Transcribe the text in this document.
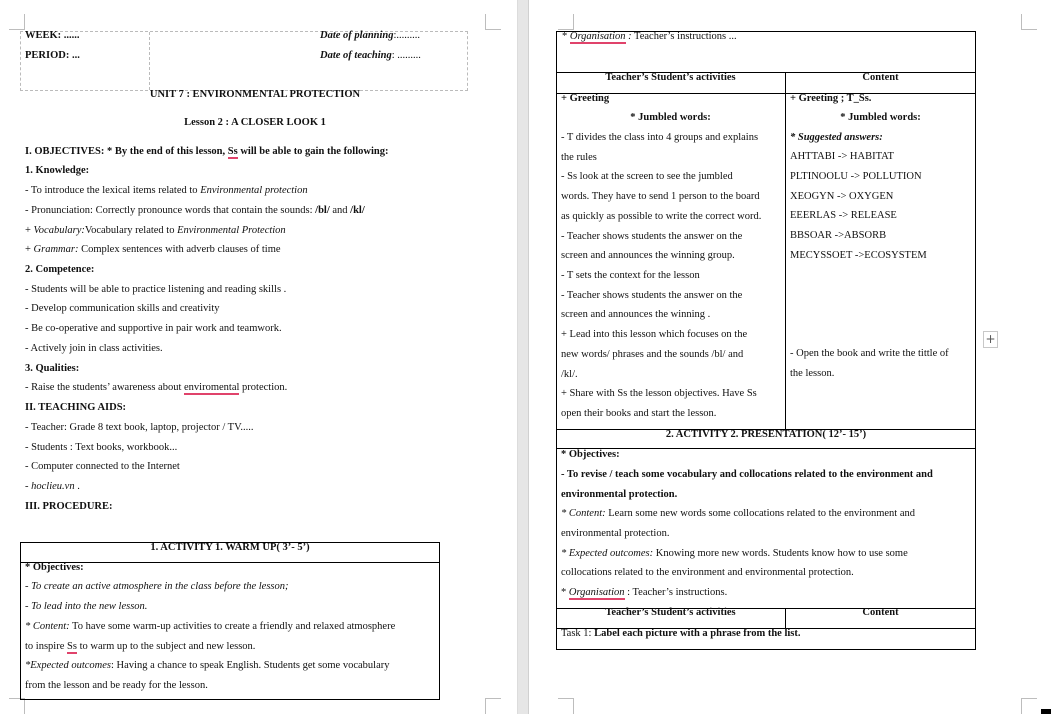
WEEK: ......
PERIOD: ...
Date of planning:.........
Date of teaching: .........
UNIT 7 : ENVIRONMENTAL PROTECTION
Lesson 2 : A CLOSER LOOK 1
I. OBJECTIVES: * By the end of this lesson, Ss will be able to gain the following:
1. Knowledge:
- To introduce the lexical items related to Environmental protection
- Pronunciation: Correctly pronounce words that contain the sounds: /bl/ and /kl/
+ Vocabulary:Vocabulary related to Environmental Protection
+ Grammar: Complex sentences with adverb clauses of time
2. Competence:
- Students will be able to practice listening and reading skills .
- Develop communication skills and creativity
- Be co-operative and supportive in pair work and teamwork.
- Actively join in class activities.
3. Qualities:
- Raise the students’ awareness about enviromental protection.
II. TEACHING AIDS:
- Teacher: Grade 8 text book, laptop, projector / TV.....
- Students : Text books, workbook...
- Computer connected to the Internet
- hoclieu.vn .
III. PROCEDURE:
1. ACTIVITY 1. WARM UP( 3’- 5’)
* Objectives:
- To create an active atmosphere in the class before the lesson;
- To lead into the new lesson.
* Content: To have some warm-up activities to create a friendly and relaxed atmosphere
to inspire Ss to warm up to the subject and new lesson.
*Expected outcomes: Having a chance to speak English. Students get some vocabulary
from the lesson and be ready for the lesson.
* Organisation : Teacher’s instructions ...
Teacher’s Student’s activities	Content
+ Greeting
* Jumbled words:
- T divides the class into 4 groups and explains
the rules
- Ss look at the screen to see the jumbled
words. They have to send 1 person to the board
as quickly as possible to write the correct word.
- Teacher shows students the answer on the
screen and announces the winning group.
- T sets the context for the lesson
- Teacher shows students the answer on the
screen and announces the winning .
+ Lead into this lesson which focuses on the
new words/ phrases and the sounds /bl/ and
/kl/.
+ Share with Ss the lesson objectives. Have Ss
open their books and start the lesson.
+ Greeting ; T_Ss.
* Jumbled words:
* Suggested answers:
AHTTABI -> HABITAT
PLTINOOLU -> POLLUTION
XEOGYN -> OXYGEN
EEERLAS -> RELEASE
BBSOAR ->ABSORB
MECYSSOET ->ECOSYSTEM
- Open the book and write the tittle of
the lesson.
2. ACTIVITY 2. PRESENTATION( 12’- 15’)
* Objectives:
- To revise / teach some vocabulary and collocations related to the environment and
environmental protection.
* Content: Learn some new words some collocations related to the environment and
environmental protection.
* Expected outcomes: Knowing more new words. Students know how to use some
collocations related to the environment and environmental protection.
* Organisation : Teacher’s instructions.
Teacher’s Student’s activities	Content
Task 1: Label each picture with a phrase from the list.
+
